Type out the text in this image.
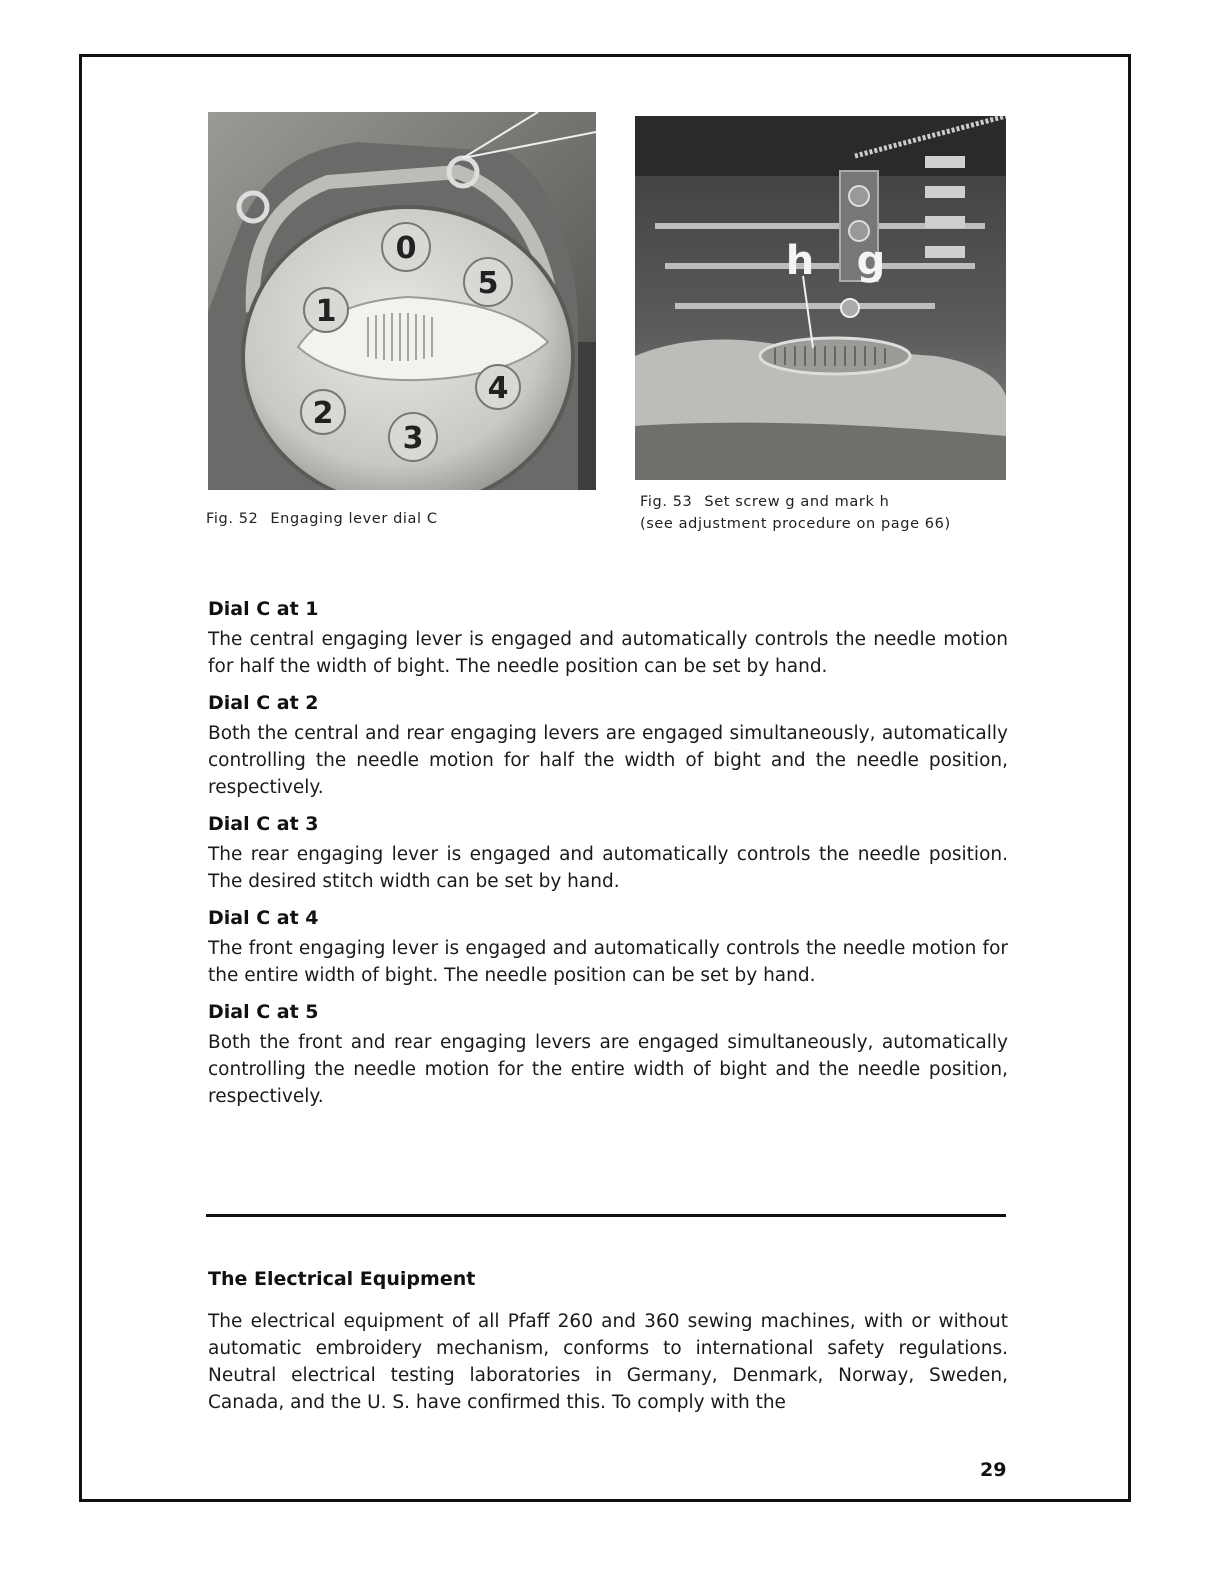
0
5
4
3
2
1
Fig. 52 Engaging lever dial C
h g
Fig. 53 Set screw g and mark h
(see adjustment procedure on page 66)
Dial C at 1
The central engaging lever is engaged and automatically controls the needle motion for half the width of bight. The needle position can be set by hand.
Dial C at 2
Both the central and rear engaging levers are engaged simultaneously, automatically controlling the needle motion for half the width of bight and the needle position, respectively.
Dial C at 3
The rear engaging lever is engaged and automatically controls the needle position. The desired stitch width can be set by hand.
Dial C at 4
The front engaging lever is engaged and automatically controls the needle motion for the entire width of bight. The needle position can be set by hand.
Dial C at 5
Both the front and rear engaging levers are engaged simultaneously, automatically controlling the needle motion for the entire width of bight and the needle position, respectively.
The Electrical Equipment
The electrical equipment of all Pfaff 260 and 360 sewing machines, with or without automatic embroidery mechanism, conforms to international safety regulations. Neutral electrical testing laboratories in Germany, Denmark, Norway, Sweden, Canada, and the U. S. have confirmed this. To comply with the
29
